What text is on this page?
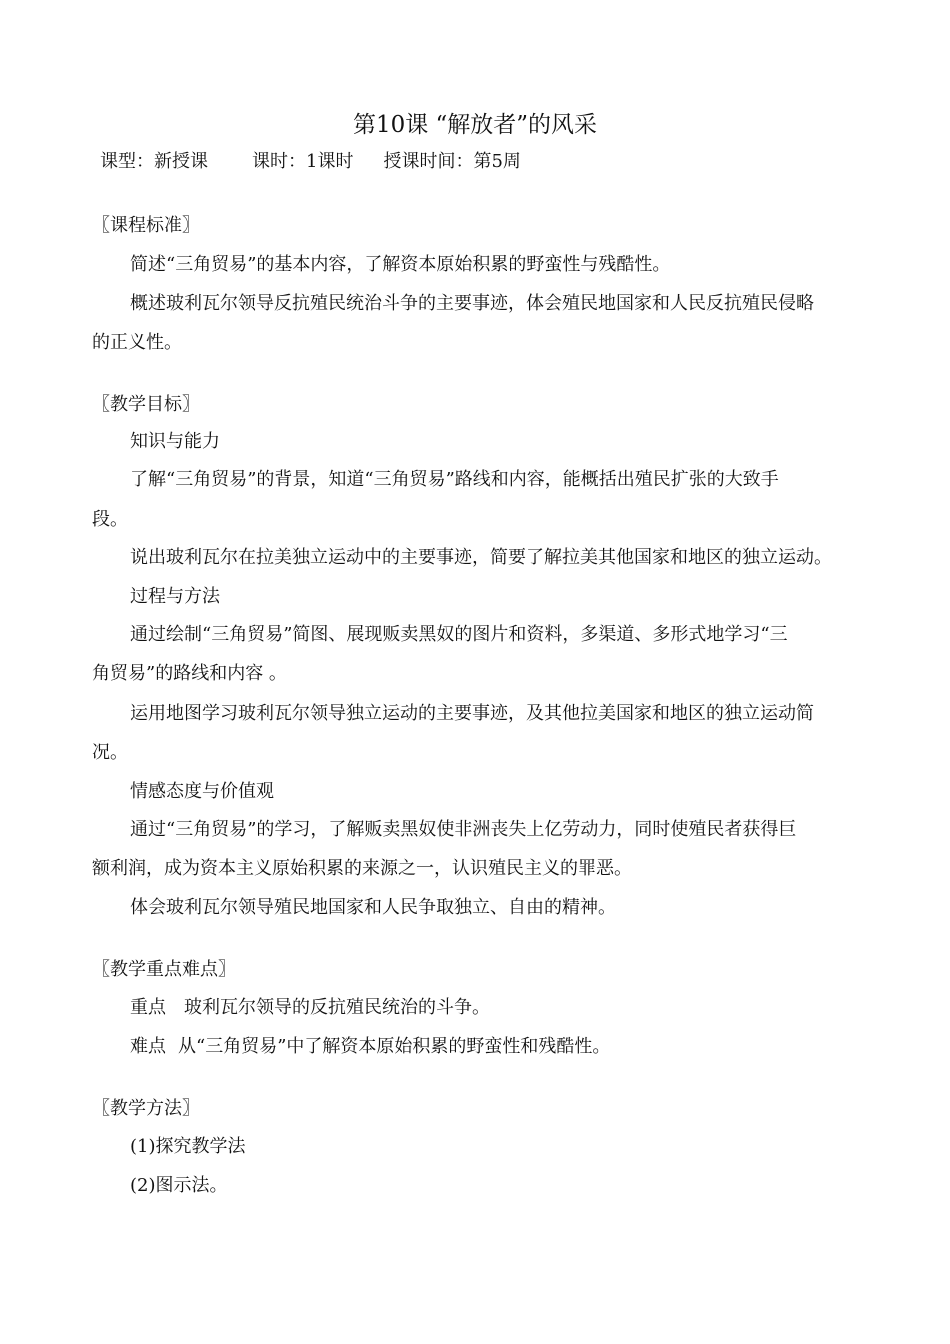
第10课 “解放者”的风采
课型：新授课 课时：1课时 授课时间：第5周
〖课程标准〗
简述“三角贸易”的基本内容，了解资本原始积累的野蛮性与残酷性。
概述玻利瓦尔领导反抗殖民统治斗争的主要事迹，体会殖民地国家和人民反抗殖民侵略
的正义性。
〖教学目标〗
知识与能力
了解“三角贸易”的背景，知道“三角贸易”路线和内容，能概括出殖民扩张的大致手
段。
说出玻利瓦尔在拉美独立运动中的主要事迹，简要了解拉美其他国家和地区的独立运动。
过程与方法
通过绘制“三角贸易”简图、展现贩卖黑奴的图片和资料，多渠道、多形式地学习“三
角贸易”的路线和内容 。
运用地图学习玻利瓦尔领导独立运动的主要事迹，及其他拉美国家和地区的独立运动简
况。
情感态度与价值观
通过“三角贸易”的学习，了解贩卖黑奴使非洲丧失上亿劳动力，同时使殖民者获得巨
额利润，成为资本主义原始积累的来源之一，认识殖民主义的罪恶。
体会玻利瓦尔领导殖民地国家和人民争取独立、自由的精神。
〖教学重点难点〗
重点 玻利瓦尔领导的反抗殖民统治的斗争。
难点 从“三角贸易”中了解资本原始积累的野蛮性和残酷性。
〖教学方法〗
(1)探究教学法
(2)图示法。
